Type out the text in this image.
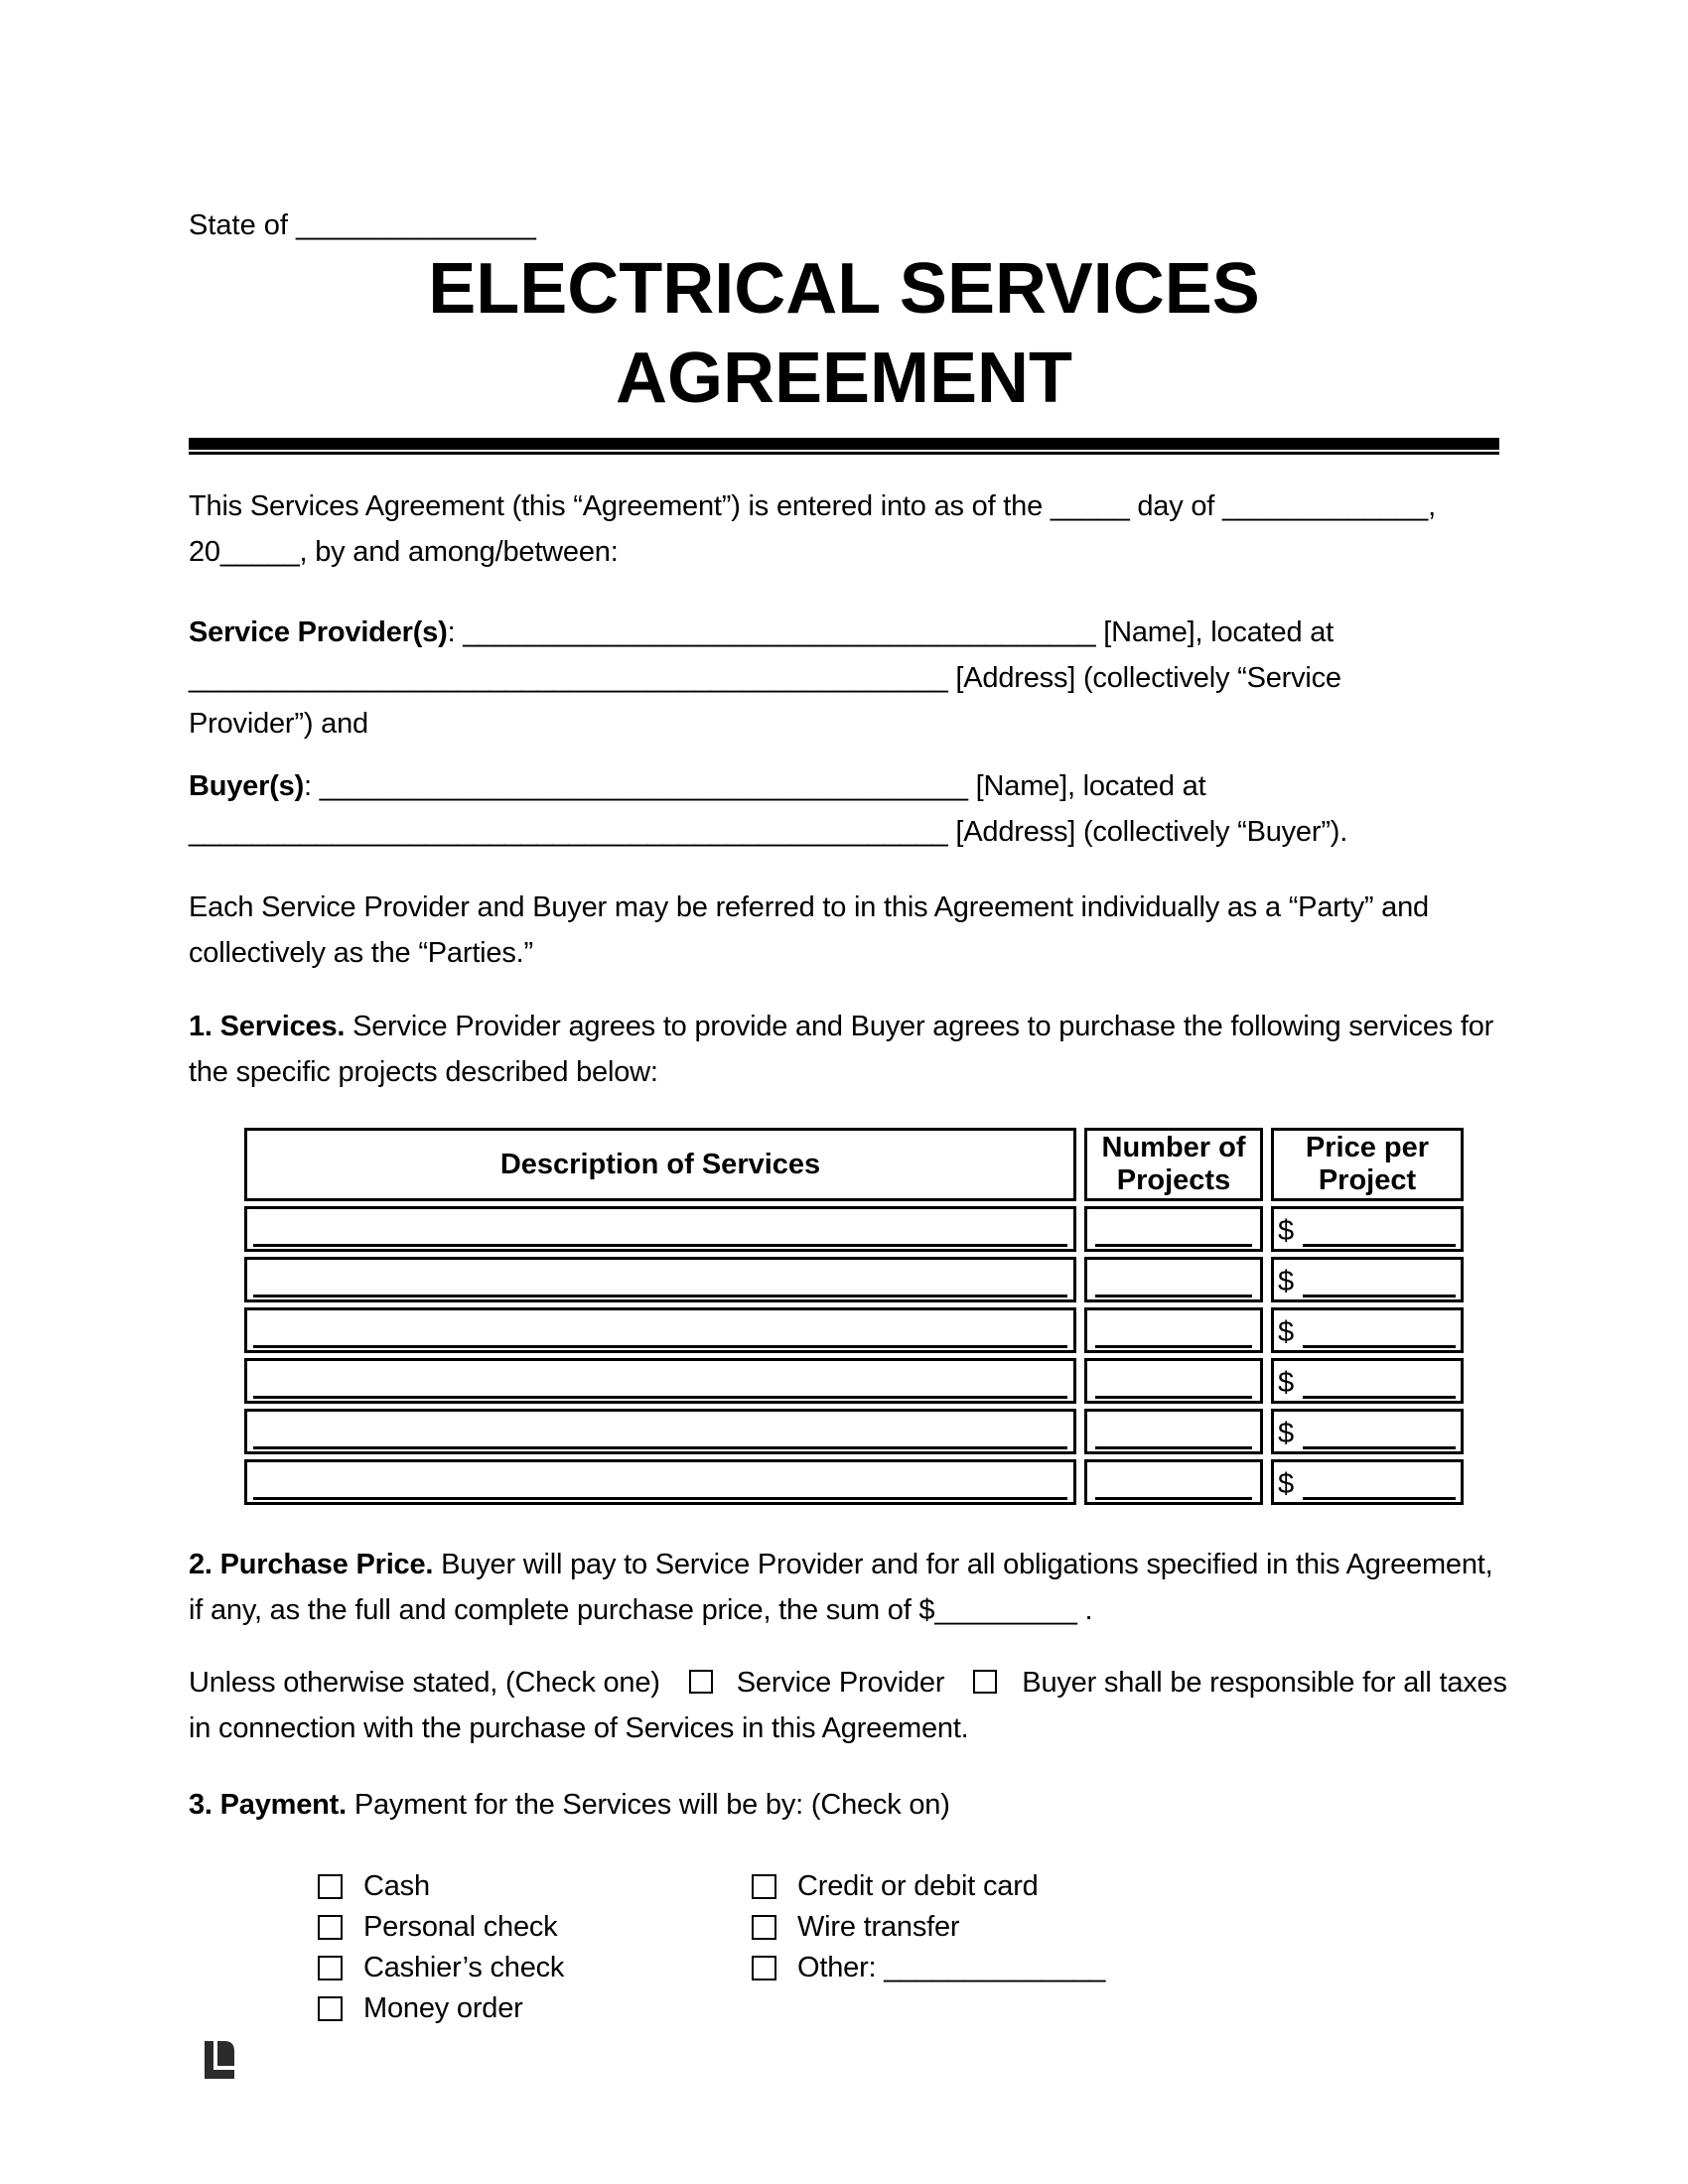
State of _______________
ELECTRICAL SERVICES
AGREEMENT
This Services Agreement (this “Agreement”) is entered into as of the _____ day of _____________,
20_____, by and among/between:
Service Provider(s): ________________________________________ [Name], located at
________________________________________________ [Address] (collectively “Service
Provider”) and
Buyer(s): _________________________________________ [Name], located at
________________________________________________ [Address] (collectively “Buyer”).
Each Service Provider and Buyer may be referred to in this Agreement individually as a “Party” and
collectively as the “Parties.”
1. Services. Service Provider agrees to provide and Buyer agrees to purchase the following services for
the specific projects described below:
Description of Services	Number of Projects	Price per Project

		$

		$

		$

		$

		$

		$
2. Purchase Price. Buyer will pay to Service Provider and for all obligations specified in this Agreement,
if any, as the full and complete purchase price, the sum of $_________ .
Unless otherwise stated, (Check one)	Service Provider	Buyer shall be responsible for all taxes
in connection with the purchase of Services in this Agreement.
3. Payment. Payment for the Services will be by: (Check on)
Cash
Personal check
Cashier’s check
Money order
Credit or debit card
Wire transfer
Other: ______________
